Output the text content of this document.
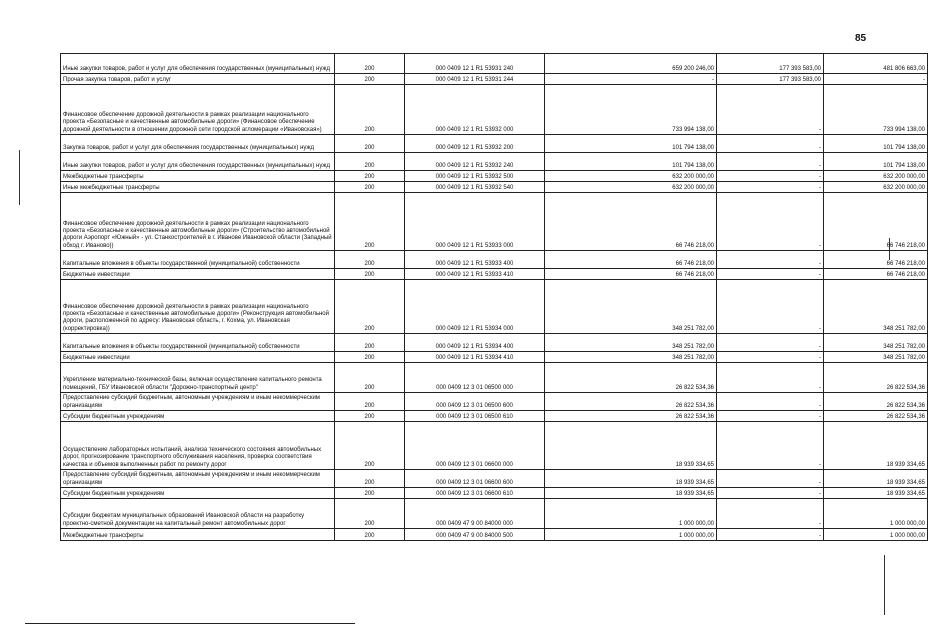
85
Иные закупки товаров, работ и услуг для обеспечения государственных (муниципальных) нужд	200	000 0409 12 1 R1 53931 240	659 200 246,00	177 393 583,00	481 806 663,00
Прочая закупка товаров, работ и услуг	200	000 0409 12 1 R1 53931 244	-	177 393 583,00	-
Финансовое обеспечение дорожной деятельности в рамках реализации национального проекта «Безопасные и качественные автомобильные дороги» (Финансовое обеспечение дорожной деятельности в отношении дорожной сети городской агломерации «Ивановская»)	200	000 0409 12 1 R1 53932 000	733 994 138,00	-	733 994 138,00
Закупка товаров, работ и услуг для обеспечения государственных (муниципальных) нужд	200	000 0409 12 1 R1 53932 200	101 794 138,00	-	101 794 138,00
Иные закупки товаров, работ и услуг для обеспечения государственных (муниципальных) нужд	200	000 0409 12 1 R1 53932 240	101 794 138,00	-	101 794 138,00
Межбюджетные трансферты	200	000 0409 12 1 R1 53932 500	632 200 000,00	-	632 200 000,00
Иные межбюджетные трансферты	200	000 0409 12 1 R1 53932 540	632 200 000,00	-	632 200 000,00
Финансовое обеспечение дорожной деятельности в рамках реализации национального проекта «Безопасные и качественные автомобильные дороги» (Строительство автомобильной дороги Аэропорт «Южный» - ул. Станкостроителей в г. Иванове Ивановской области (Западный обход г. Иваново))	200	000 0409 12 1 R1 53933 000	66 746 218,00	-	66 746 218,00
Капитальные вложения в объекты государственной (муниципальной) собственности	200	000 0409 12 1 R1 53933 400	66 746 218,00	-	66 746 218,00
Бюджетные инвестиции	200	000 0409 12 1 R1 53933 410	66 746 218,00	-	66 746 218,00
Финансовое обеспечение дорожной деятельности в рамках реализации национального проекта «Безопасные и качественные автомобильные дороги» (Реконструкция автомобильной дороги, расположенной по адресу: Ивановская область, г. Кохма, ул. Ивановская (корректировка))	200	000 0409 12 1 R1 53934 000	348 251 782,00	-	348 251 782,00
Капитальные вложения в объекты государственной (муниципальной) собственности	200	000 0409 12 1 R1 53934 400	348 251 782,00	-	348 251 782,00
Бюджетные инвестиции	200	000 0409 12 1 R1 53934 410	348 251 782,00	-	348 251 782,00
Укрепление материально-технической базы, включая осуществление капитального ремонта помещений, ГБУ Ивановской области "Дорожно-транспортный центр"	200	000 0409 12 3 01 06500 000	26 822 534,36	-	26 822 534,36
Предоставление субсидий бюджетным, автономным учреждениям и иным некоммерческим организациям	200	000 0409 12 3 01 06500 600	26 822 534,36	-	26 822 534,36
Субсидии бюджетным учреждениям	200	000 0409 12 3 01 06500 610	26 822 534,36	-	26 822 534,36
Осуществление лабораторных испытаний, анализа технического состояния автомобильных дорог, прогнозирование транспортного обслуживания населения, проверка соответствия качества и объемов выполненных работ по ремонту дорог	200	000 0409 12 3 01 06600 000	18 939 334,65	-	18 939 334,65
Предоставление субсидий бюджетным, автономным учреждениям и иным некоммерческим организациям	200	000 0409 12 3 01 06600 600	18 939 334,65	-	18 939 334,65
Субсидии бюджетным учреждениям	200	000 0409 12 3 01 06600 610	18 939 334,65	-	18 939 334,65
Субсидии бюджетам муниципальных образований Ивановской области на разработку проектно-сметной документации на капитальный ремонт автомобильных дорог	200	000 0409 47 9 00 84000 000	1 000 000,00	-	1 000 000,00
Межбюджетные трансферты	200	000 0409 47 9 00 84000 500	1 000 000,00	-	1 000 000,00
